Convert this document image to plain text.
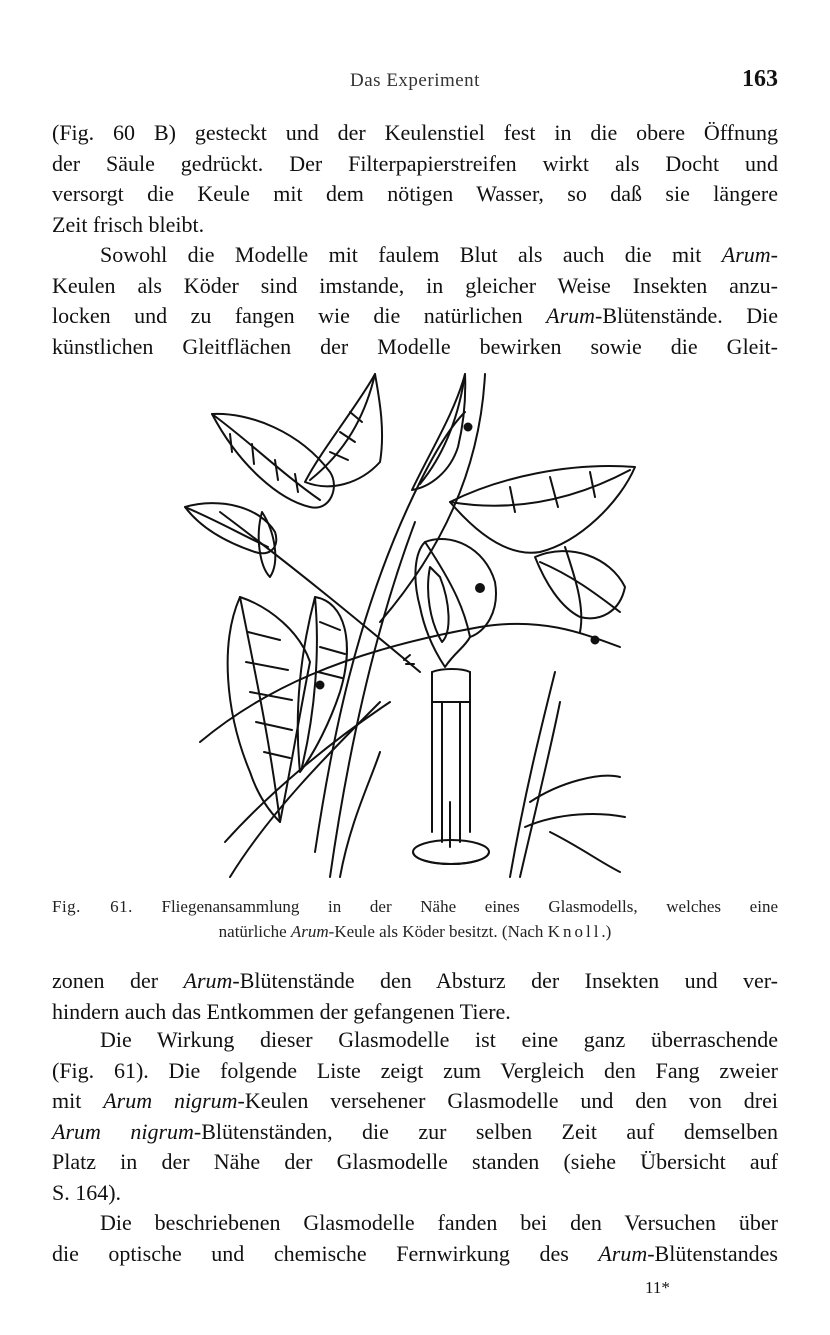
Das Experiment	163

(Fig. 60 B) gesteckt und der Keulenstiel fest in die obere Öffnung
der Säule gedrückt. Der Filterpapierstreifen wirkt als Docht und
versorgt die Keule mit dem nötigen Wasser, so daß sie längere
Zeit frisch bleibt.

Sowohl die Modelle mit faulem Blut als auch die mit Arum-
Keulen als Köder sind imstande, in gleicher Weise Insekten anzu-
locken und zu fangen wie die natürlichen Arum-Blütenstände. Die
künstlichen Gleitflächen der Modelle bewirken sowie die Gleit-

Fig. 61. Fliegenansammlung in der Nähe eines Glasmodells, welches eine
natürliche Arum-Keule als Köder besitzt. (Nach Knoll.)

zonen der Arum-Blütenstände den Absturz der Insekten und ver-
hindern auch das Entkommen der gefangenen Tiere.

Die Wirkung dieser Glasmodelle ist eine ganz überraschende
(Fig. 61). Die folgende Liste zeigt zum Vergleich den Fang zweier
mit Arum nigrum-Keulen versehener Glasmodelle und den von drei
Arum nigrum-Blütenständen, die zur selben Zeit auf demselben
Platz in der Nähe der Glasmodelle standen (siehe Übersicht auf
S. 164).

Die beschriebenen Glasmodelle fanden bei den Versuchen über
die optische und chemische Fernwirkung des Arum-Blütenstandes

11*
